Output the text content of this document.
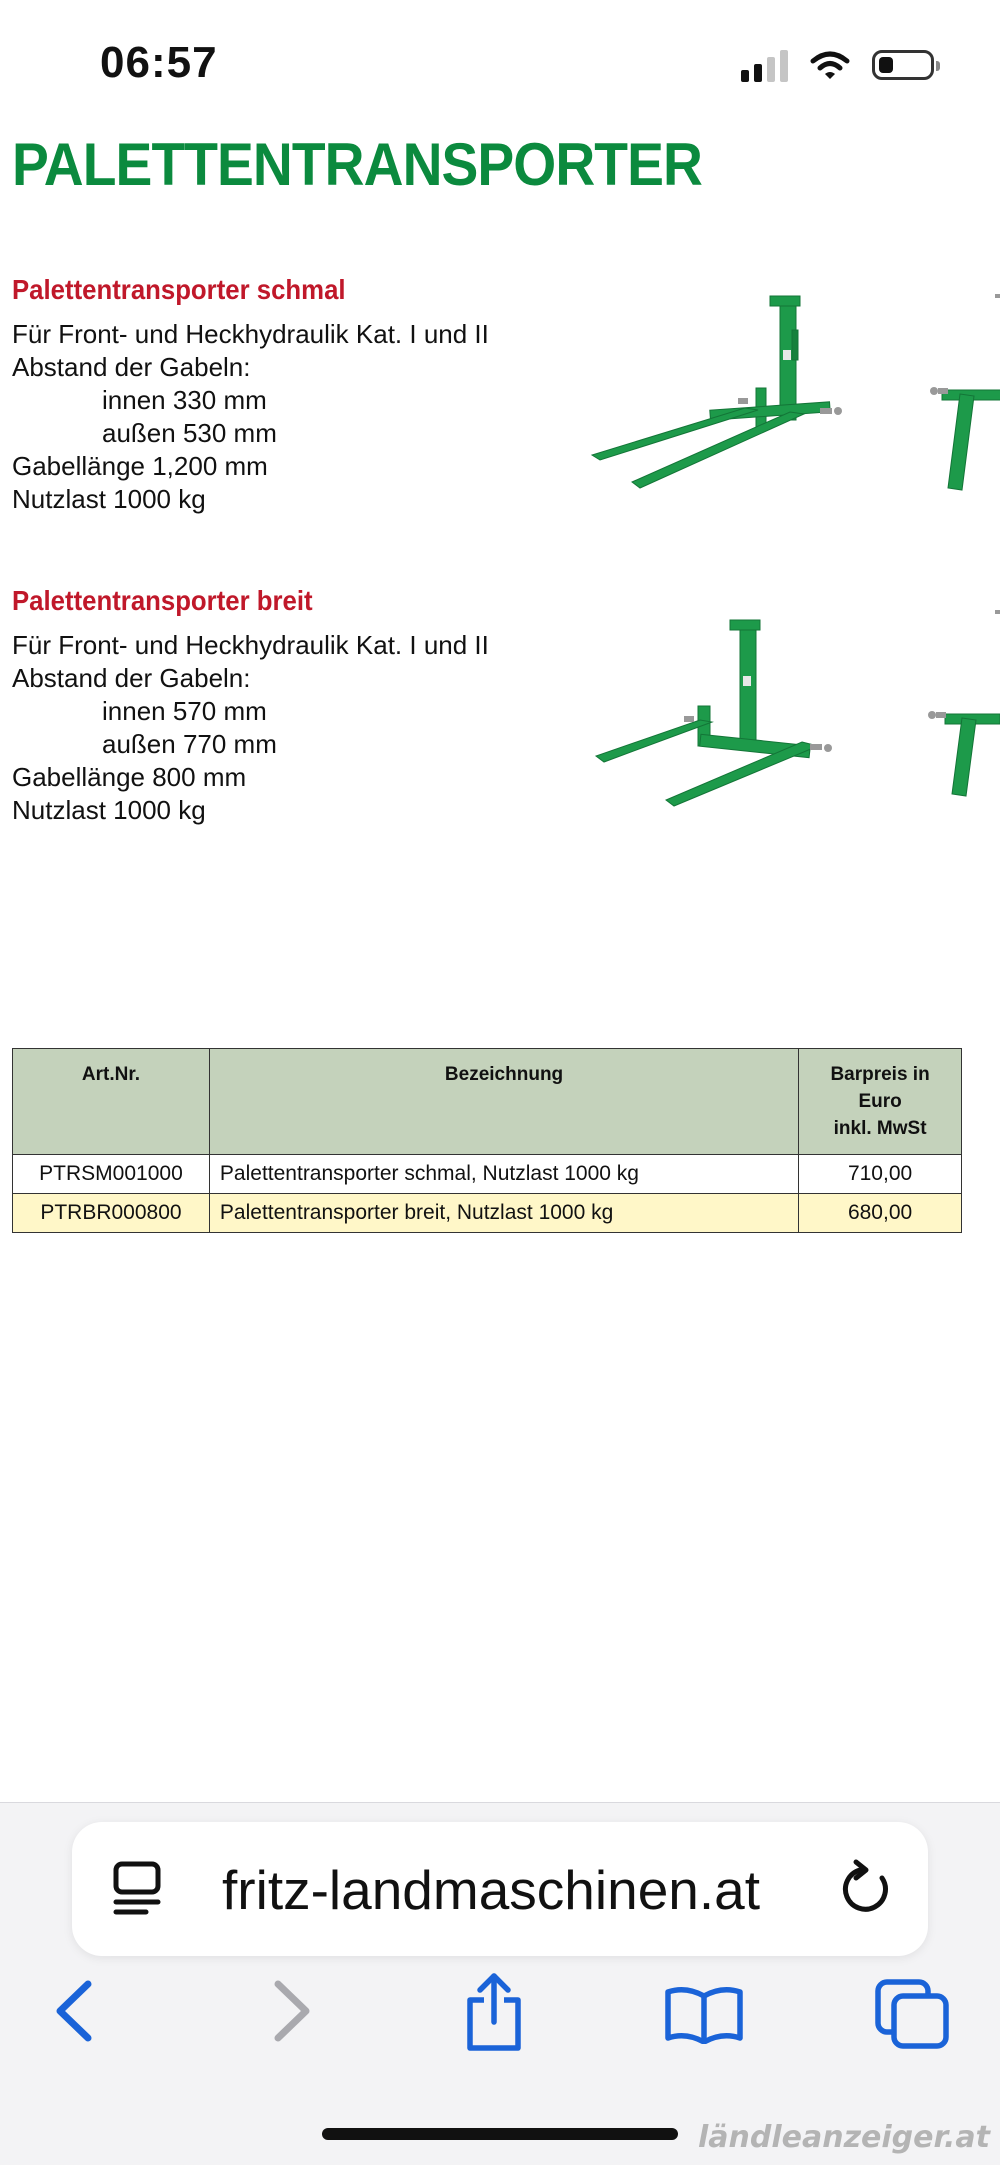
06:57
PALETTENTRANSPORTER
Palettentransporter schmal

Für Front- und Heckhydraulik Kat. I und II

Abstand der Gabeln:

innen 330 mm

außen 530 mm

Gabellänge 1,200 mm

Nutzlast 1000 kg

Palettentransporter breit

Für Front- und Heckhydraulik Kat. I und II

Abstand der Gabeln:

innen 570 mm

außen 770 mm

Gabellänge 800 mm

Nutzlast 1000 kg

Art.Nr.	Bezeichnung	Barpreis in
Euro
inkl. MwSt
PTRSM001000	Palettentransporter schmal, Nutzlast 1000 kg	710,00
PTRBR000800	Palettentransporter breit, Nutzlast 1000 kg	680,00
fritz-landmaschinen.at
ländleanzeiger.at
